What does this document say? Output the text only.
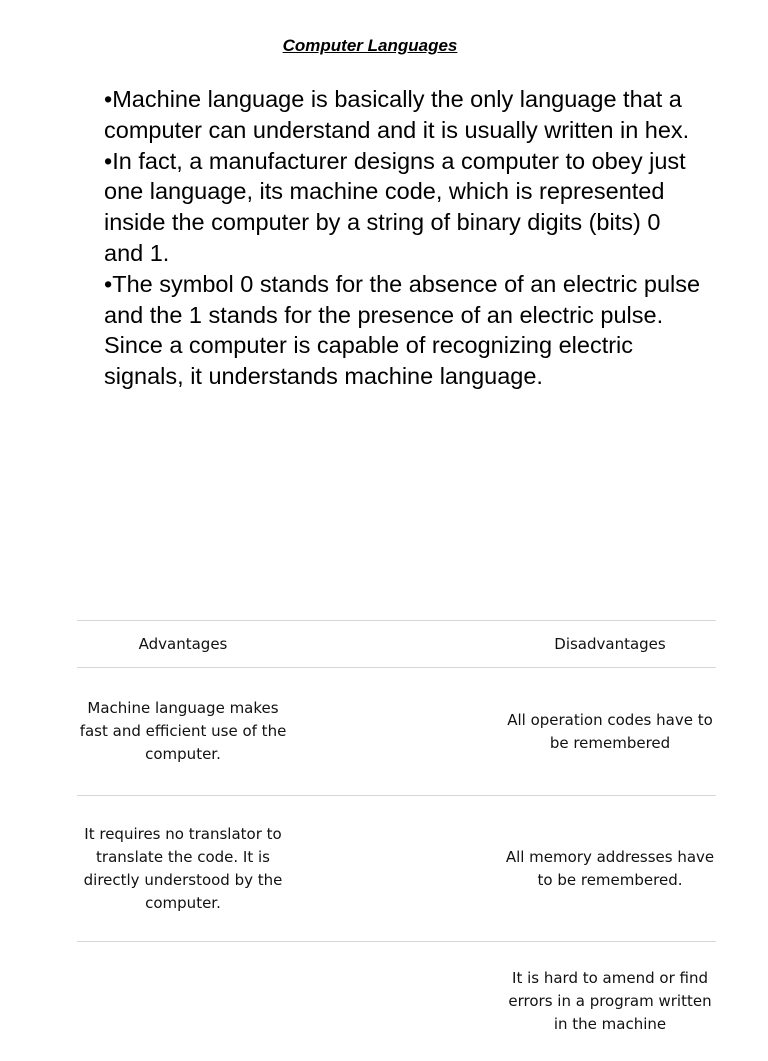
Computer Languages

•Machine language is basically the only language that a computer can understand and it is usually written in hex.

•In fact, a manufacturer designs a computer to obey just one language, its machine code, which is represented inside the computer by a string of binary digits (bits) 0 and 1.

•The symbol 0 stands for the absence of an electric pulse and the 1 stands for the presence of an electric pulse. Since a computer is capable of recognizing electric signals, it understands machine language.

Advantages	Disadvantages
Machine language makes fast and efficient use of the computer.
All operation codes have to be remembered
It requires no translator to translate the code. It is directly understood by the computer.
All memory addresses have to be remembered.
It is hard to amend or find errors in a program written in the machine
